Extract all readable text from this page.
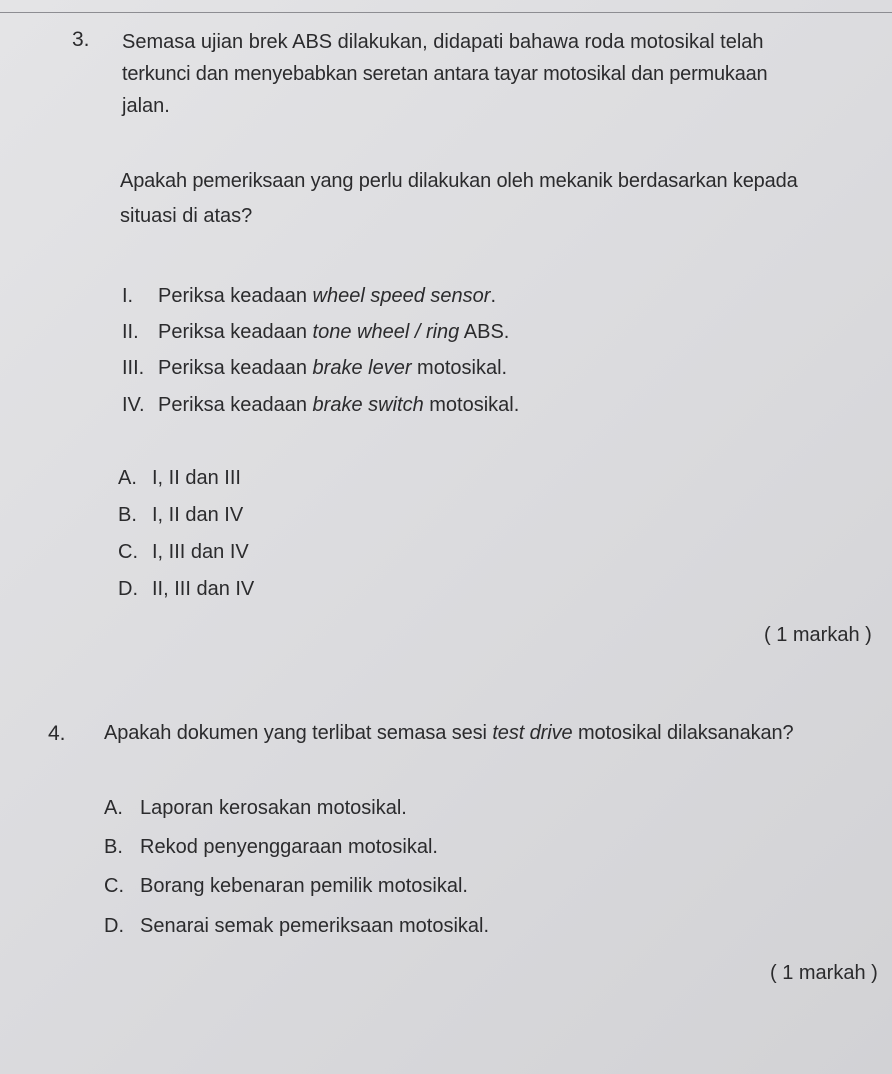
3. Semasa ujian brek ABS dilakukan, didapati bahawa roda motosikal telah
terkunci dan menyebabkan seretan antara tayar motosikal dan permukaan
jalan.
Apakah pemeriksaan yang perlu dilakukan oleh mekanik berdasarkan kepada
situasi di atas?
I. Periksa keadaan wheel speed sensor.
II. Periksa keadaan tone wheel / ring ABS.
III. Periksa keadaan brake lever motosikal.
IV. Periksa keadaan brake switch motosikal.
A. I, II dan III
B. I, II dan IV
C. I, III dan IV
D. II, III dan IV
( 1 markah )
4. Apakah dokumen yang terlibat semasa sesi test drive motosikal dilaksanakan?
A. Laporan kerosakan motosikal.
B. Rekod penyenggaraan motosikal.
C. Borang kebenaran pemilik motosikal.
D. Senarai semak pemeriksaan motosikal.
( 1 markah )
